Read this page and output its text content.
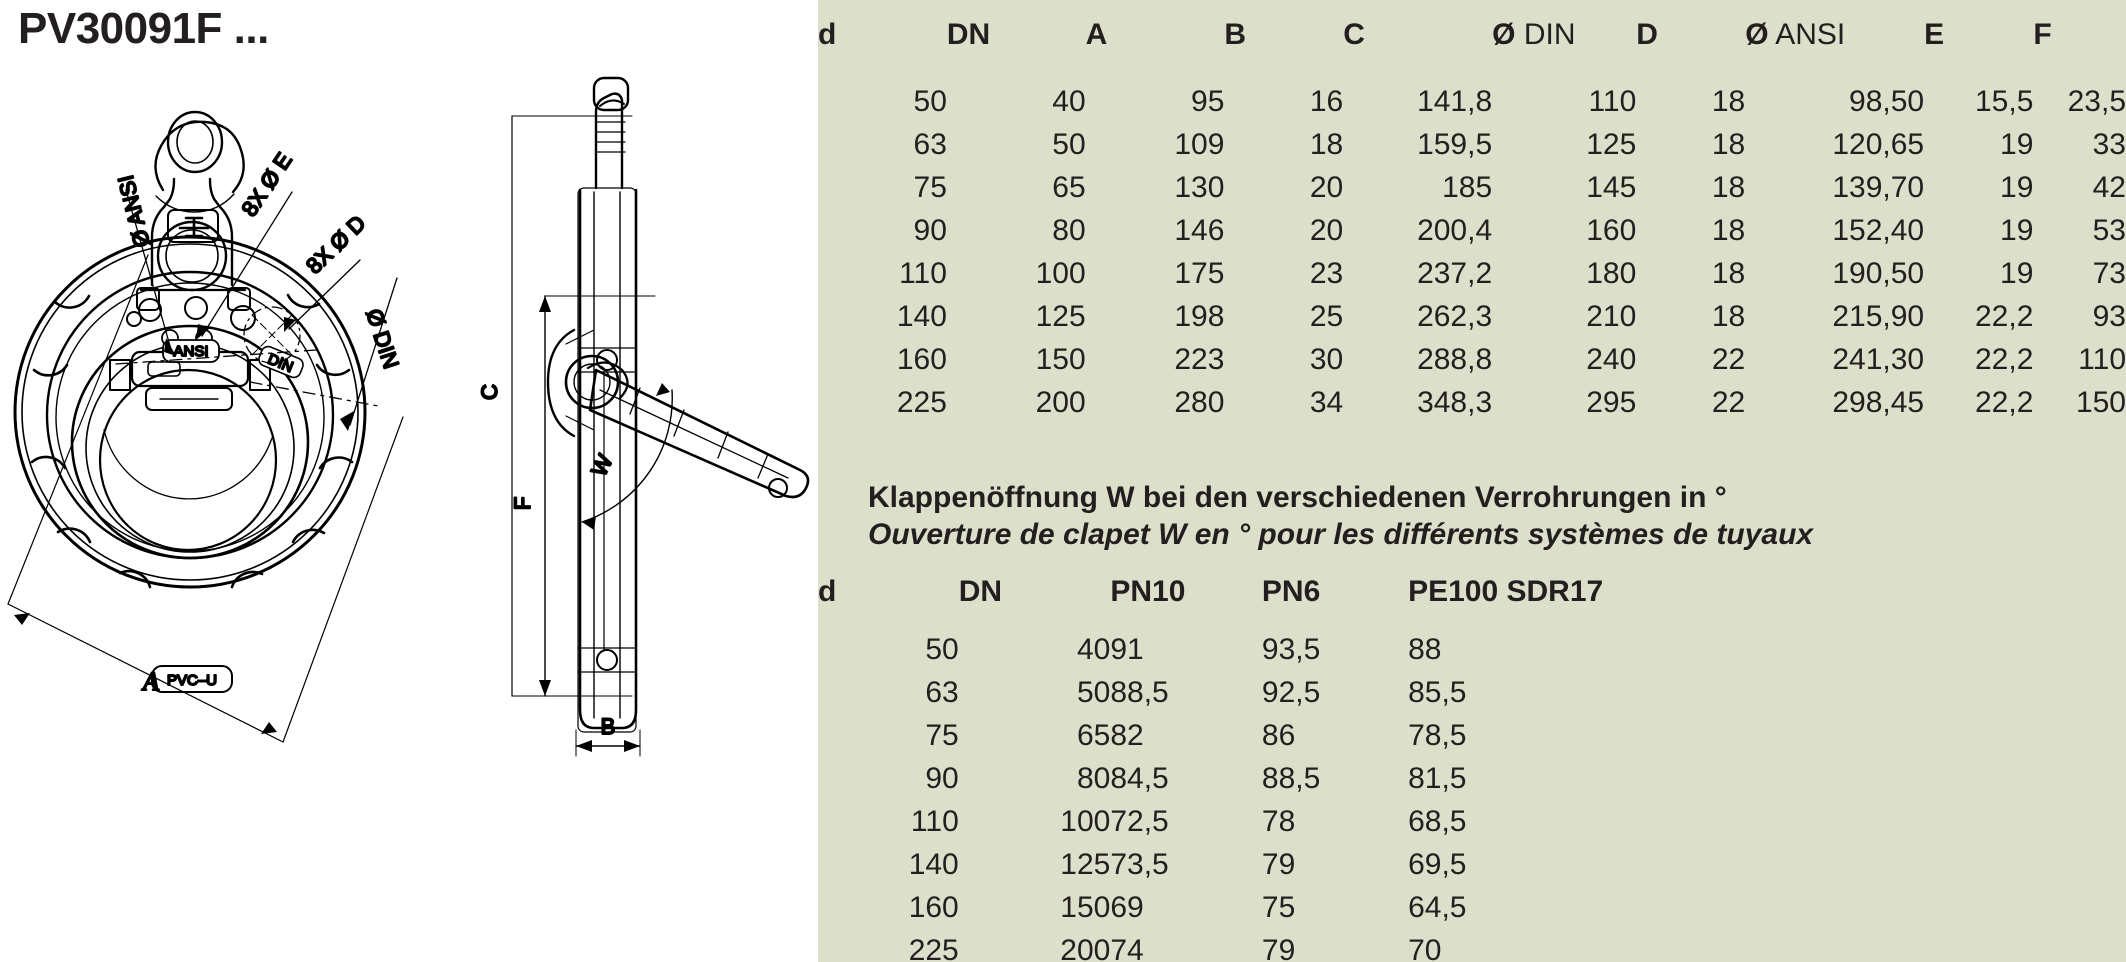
PV30091F ...
ANSI	DIN
PVC–U
A
Ø ANSI	8X Ø E
8X Ø D
Ø DIN
C
F
W
B
d	DN	A	B	C	Ø DIN	D	Ø ANSI	E	F
50	40	95	16	141,8	110	18	98,50	15,5	23,5
63	50	109	18	159,5	125	18	120,65	19	33
75	65	130	20	185	145	18	139,70	19	42
90	80	146	20	200,4	160	18	152,40	19	53
110	100	175	23	237,2	180	18	190,50	19	73
140	125	198	25	262,3	210	18	215,90	22,2	93
160	150	223	30	288,8	240	22	241,30	22,2	110
225	200	280	34	348,3	295	22	298,45	22,2	150
Klappenöffnung W bei den verschiedenen Verrohrungen in °
Ouverture de clapet W en ° pour les différents systèmes de tuyaux
d	DN	PN10	PN6	PE100 SDR17
50	40	91	93,5	88
63	50	88,5	92,5	85,5
75	65	82	86	78,5
90	80	84,5	88,5	81,5
110	100	72,5	78	68,5
140	125	73,5	79	69,5
160	150	69	75	64,5
225	200	74	79	70
